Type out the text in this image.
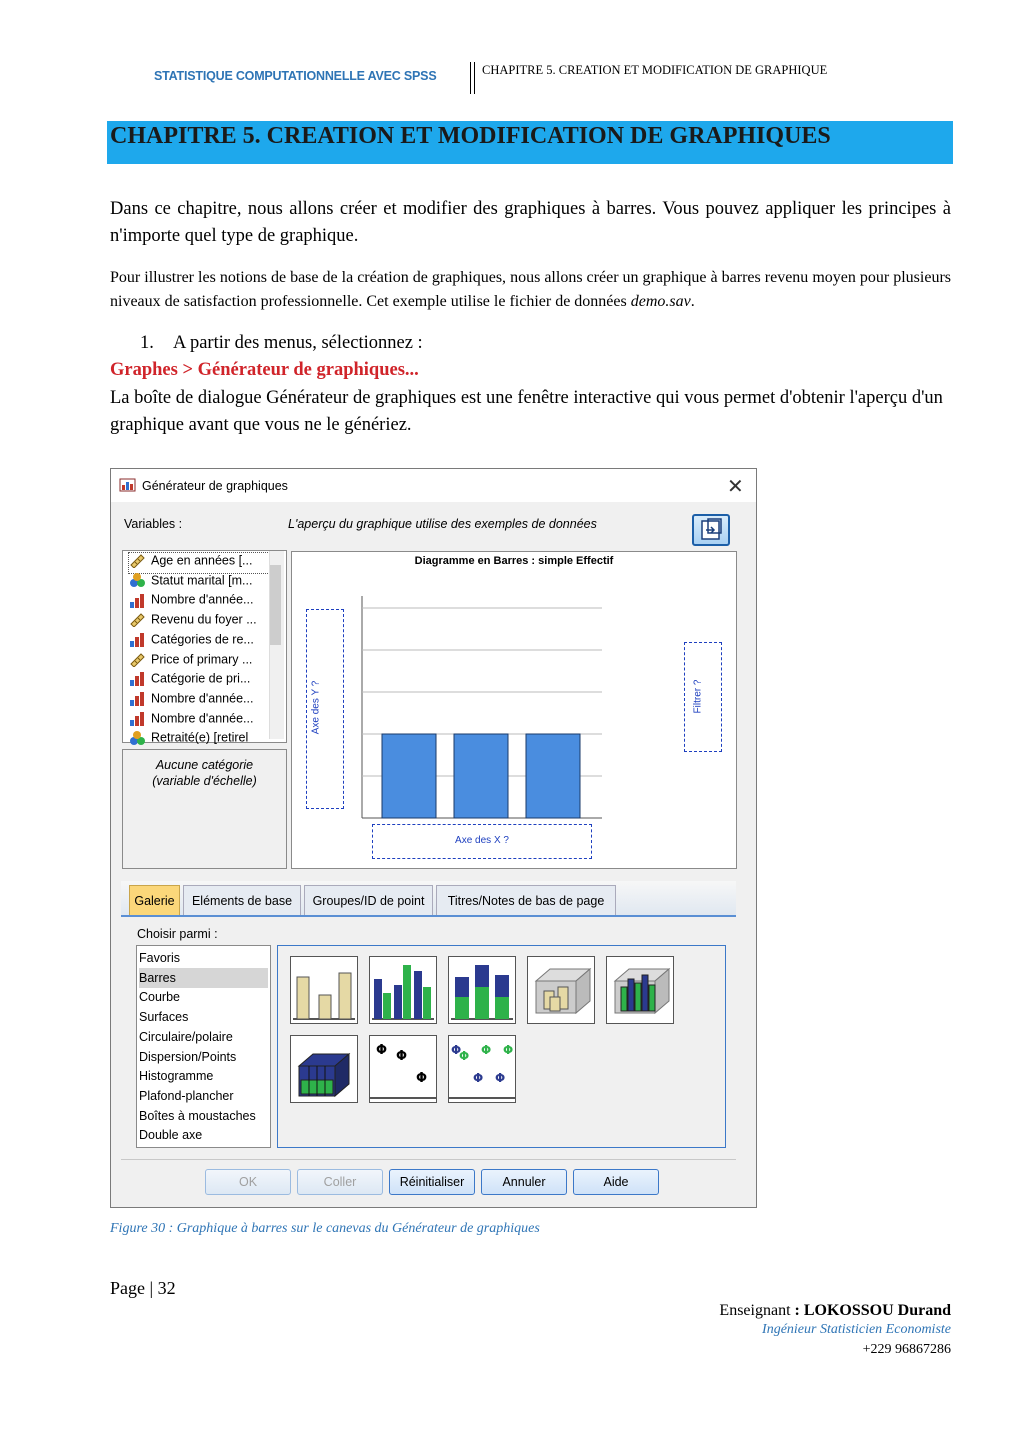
STATISTIQUE COMPUTATIONNELLE AVEC SPSS	CHAPITRE 5. CREATION ET MODIFICATION DE GRAPHIQUE
CHAPITRE 5. CREATION ET MODIFICATION DE GRAPHIQUES
Dans ce chapitre, nous allons créer et modifier des graphiques à barres. Vous pouvez appliquer les principes à n'importe quel type de graphique.
Pour illustrer les notions de base de la création de graphiques, nous allons créer un graphique à barres revenu moyen pour plusieurs niveaux de satisfaction professionnelle. Cet exemple utilise le fichier de données demo.sav.
1. A partir des menus, sélectionnez :
Graphes > Générateur de graphiques...
La boîte de dialogue Générateur de graphiques est une fenêtre interactive qui vous permet d'obtenir l'aperçu d'un graphique avant que vous ne le génériez.
Générateur de graphiques	✕
Variables :	L'aperçu du graphique utilise des exemples de données
Age en années [...
Statut marital [m...
Nombre d'année...
Revenu du foyer ...
Catégories de re...
Price of primary ...
Catégorie de pri...
Nombre d'année...
Nombre d'année...
Retraité(e) [retirel
Aucune catégorie
(variable d'échelle)
Diagramme en Barres : simple Effectif
Axe des Y ?	Filtrer ?
Axe des X ?
Galerie	Eléments de base	Groupes/ID de point	Titres/Notes de bas de page
Choisir parmi :
Favoris
Barres
Courbe
Surfaces
Circulaire/polaire
Dispersion/Points
Histogramme
Plafond-plancher
Boîtes à moustaches
Double axe
Φ Φ
Φ
Φ
Φ Φ Φ
Φ Φ
OK	Coller	Réinitialiser	Annuler	Aide
Figure 30 : Graphique à barres sur le canevas du Générateur de graphiques
Page | 32
Enseignant : LOKOSSOU Durand
Ingénieur Statisticien Economiste
+229 96867286
